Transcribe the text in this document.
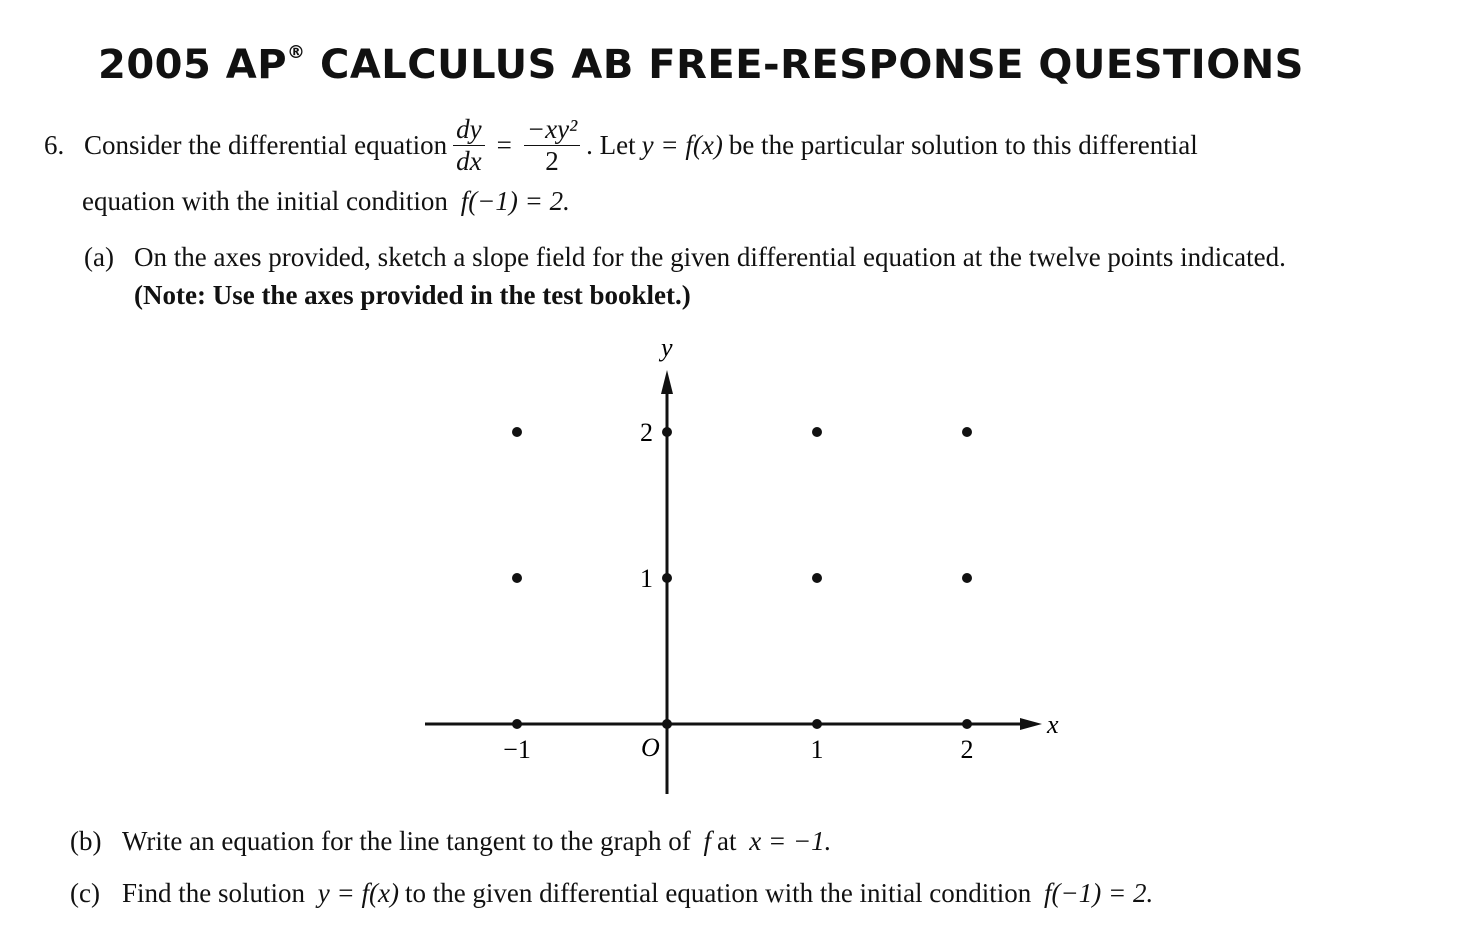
2005 AP® CALCULUS AB FREE-RESPONSE QUESTIONS
6. Consider the differential equation $\frac{dy}{dx} = \frac{\text{−xy²}}{2}$ . Let y = f(x) be the particular solution to this differential
equation with the initial condition f(−1) = 2.
(a) On the axes provided, sketch a slope field for the given differential equation at the twelve points indicated.
(Note: Use the axes provided in the test booklet.)
x
y
O
−1	1	2
1
2
(b) Write an equation for the line tangent to the graph of f at x = −1.
(c) Find the solution y = f(x) to the given differential equation with the initial condition f(−1) = 2.
